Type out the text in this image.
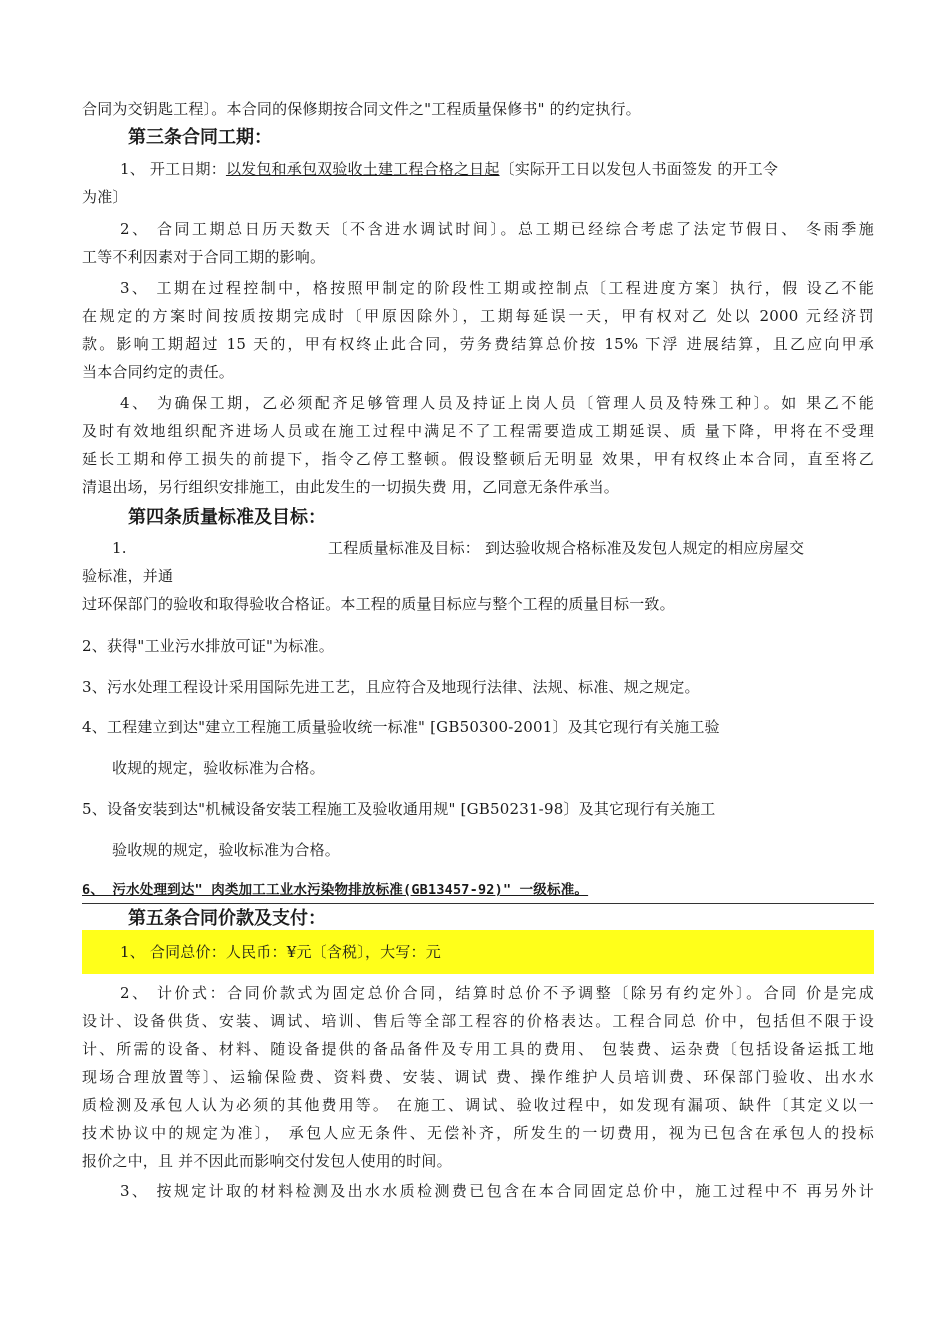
合同为交钥匙工程〕。本合同的保修期按合同文件之"工程质量保修书" 的约定执行。
第三条合同工期：
1、 开工日期：以发包和承包双验收土建工程合格之日起〔实际开工日以发包人书面签发 的开工令
为准〕
2、 合同工期总日历天数天〔不含进水调试时间〕。总工期已经综合考虑了法定节假日、 冬雨季施
工等不利因素对于合同工期的影响。
3、 工期在过程控制中，格按照甲制定的阶段性工期或控制点〔工程进度方案〕执行，假 设乙不能
在规定的方案时间按质按期完成时〔甲原因除外〕，工期每延误一天，甲有权对乙 处以 2000 元经济罚
款。影响工期超过 15 天的，甲有权终止此合同，劳务费结算总价按 15% 下浮 进展结算，且乙应向甲承
当本合同约定的责任。
4、 为确保工期，乙必须配齐足够管理人员及持证上岗人员〔管理人员及特殊工种〕。如 果乙不能
及时有效地组织配齐进场人员或在施工过程中满足不了工程需要造成工期延误、质 量下降，甲将在不受理
延长工期和停工损失的前提下，指令乙停工整顿。假设整顿后无明显 效果，甲有权终止本合同，直至将乙
清退出场，另行组织安排施工，由此发生的一切损失费 用，乙同意无条件承当。
第四条质量标准及目标：
1.	工程质量标准及目标： 到达验收规合格标准及发包人规定的相应房屋交
验标准，并通
过环保部门的验收和取得验收合格证。本工程的质量目标应与整个工程的质量目标一致。
2、获得"工业污水排放可证"为标准。
3、污水处理工程设计采用国际先进工艺，且应符合及地现行法律、法规、标准、规之规定。
4、工程建立到达"建立工程施工质量验收统一标准" [GB50300-2001〕及其它现行有关施工验
收规的规定，验收标准为合格。
5、设备安装到达"机械设备安装工程施工及验收通用规" [GB50231-98〕及其它现行有关施工
验收规的规定，验收标准为合格。
6、 污水处理到达" 肉类加工工业水污染物排放标准(GB13457-92)" 一级标准。
第五条合同价款及支付：
1、 合同总价：人民币：¥元〔含税〕，大写：元
2、 计价式：合同价款式为固定总价合同，结算时总价不予调整〔除另有约定外〕。合同 价是完成
设计、设备供货、安装、调试、培训、售后等全部工程容的价格表达。工程合同总 价中，包括但不限于设
计、所需的设备、材料、随设备提供的备品备件及专用工具的费用、 包装费、运杂费〔包括设备运抵工地
现场合理放置等〕、运输保险费、资料费、安装、调试 费、操作维护人员培训费、环保部门验收、出水水
质检测及承包人认为必须的其他费用等。 在施工、调试、验收过程中，如发现有漏项、缺件〔其定义以一
技术协议中的规定为准〕， 承包人应无条件、无偿补齐，所发生的一切费用，视为已包含在承包人的投标
报价之中，且 并不因此而影响交付发包人使用的时间。
3、 按规定计取的材料检测及出水水质检测费已包含在本合同固定总价中，施工过程中不 再另外计
